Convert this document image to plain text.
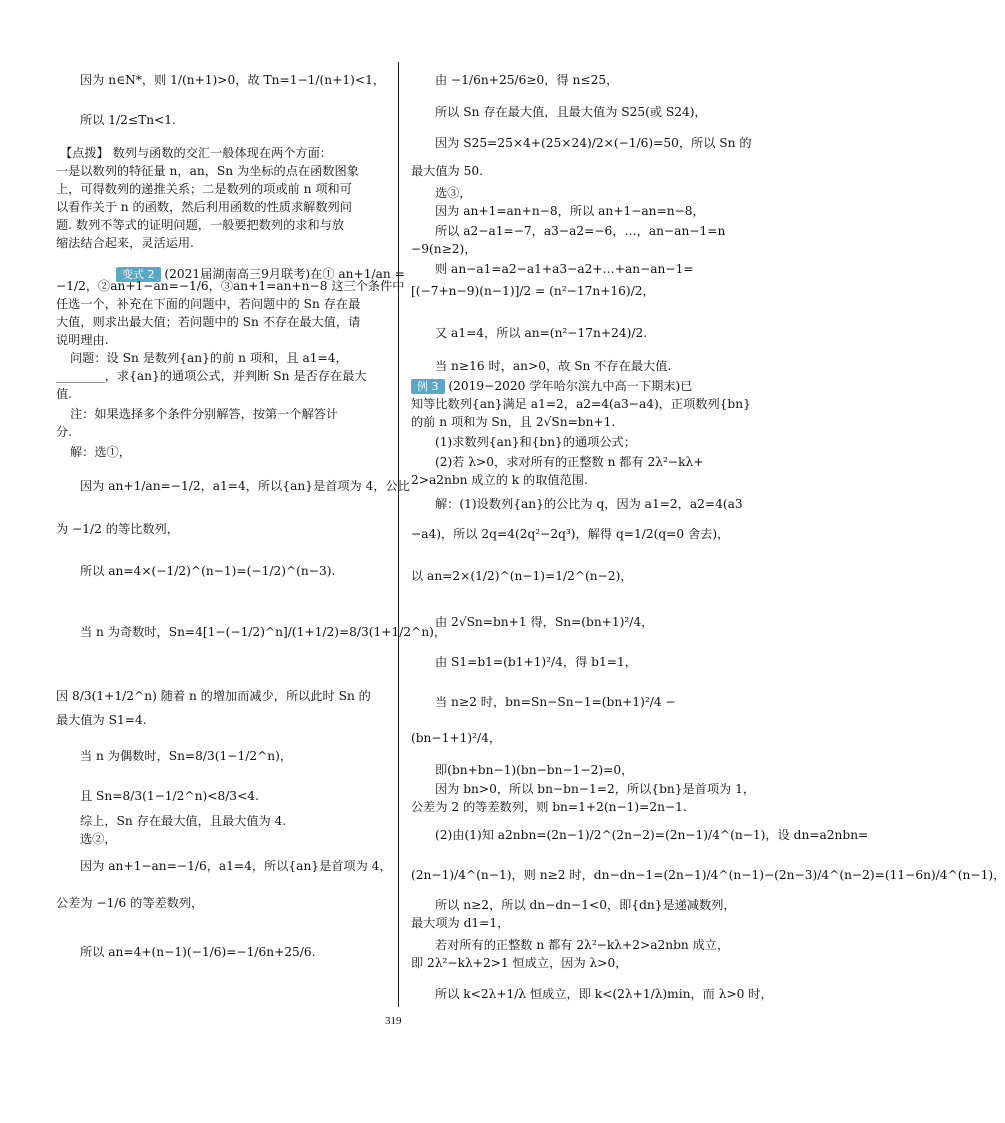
变式 2 (2021届湖南高三9月联考)在① an+1/an =
因为 n∈N*，则 1/(n+1)>0，故 Tn=1−1/(n+1)<1，
所以 1/2≤Tn<1.
【点拨】 数列与函数的交汇一般体现在两个方面：
一是以数列的特征量 n，an，Sn 为坐标的点在函数图象
上，可得数列的递推关系；二是数列的项或前 n 项和可
以看作关于 n 的函数，然后利用函数的性质求解数列问
题. 数列不等式的证明问题，一般要把数列的求和与放
缩法结合起来，灵活运用.
−1/2，②an+1−an=−1/6，③an+1=an+n−8 这三个条件中
任选一个，补充在下面的问题中，若问题中的 Sn 存在最
大值，则求出最大值；若问题中的 Sn 不存在最大值，请
说明理由.
问题：设 Sn 是数列{an}的前 n 项和，且 a1=4，
________，求{an}的通项公式，并判断 Sn 是否存在最大
值.
注：如果选择多个条件分别解答，按第一个解答计
分.
解：选①，
因为 an+1/an=−1/2，a1=4，所以{an}是首项为 4，公比
为 −1/2 的等比数列，
所以 an=4×(−1/2)^(n−1)=(−1/2)^(n−3).
当 n 为奇数时，Sn=4[1−(−1/2)^n]/(1+1/2)=8/3(1+1/2^n)，
因 8/3(1+1/2^n) 随着 n 的增加而减少，所以此时 Sn 的
最大值为 S1=4.
当 n 为偶数时，Sn=8/3(1−1/2^n)，
且 Sn=8/3(1−1/2^n)<8/3<4.
综上，Sn 存在最大值，且最大值为 4.
选②，
因为 an+1−an=−1/6，a1=4，所以{an}是首项为 4，
公差为 −1/6 的等差数列，
所以 an=4+(n−1)(−1/6)=−1/6n+25/6.
例 3 (2019−2020 学年哈尔滨九中高一下期末)已
由 −1/6n+25/6≥0，得 n≤25，
所以 Sn 存在最大值，且最大值为 S25(或 S24)，
因为 S25=25×4+(25×24)/2×(−1/6)=50，所以 Sn 的
最大值为 50.
选③，
因为 an+1=an+n−8，所以 an+1−an=n−8，
所以 a2−a1=−7，a3−a2=−6，…，an−an−1=n
−9(n≥2)，
则 an−a1=a2−a1+a3−a2+…+an−an−1=
[(−7+n−9)(n−1)]/2 = (n²−17n+16)/2，
又 a1=4，所以 an=(n²−17n+24)/2.
当 n≥16 时，an>0，故 Sn 不存在最大值.
知等比数列{an}满足 a1=2，a2=4(a3−a4)，正项数列{bn}
的前 n 项和为 Sn，且 2√Sn=bn+1.
(1)求数列{an}和{bn}的通项公式；
(2)若 λ>0，求对所有的正整数 n 都有 2λ²−kλ+
2>a2nbn 成立的 k 的取值范围.
解：(1)设数列{an}的公比为 q，因为 a1=2，a2=4(a3
−a4)，所以 2q=4(2q²−2q³)，解得 q=1/2(q=0 舍去)，
以 an=2×(1/2)^(n−1)=1/2^(n−2)，
由 2√Sn=bn+1 得，Sn=(bn+1)²/4，
由 S1=b1=(b1+1)²/4，得 b1=1，
当 n≥2 时，bn=Sn−Sn−1=(bn+1)²/4 −
(bn−1+1)²/4，
即(bn+bn−1)(bn−bn−1−2)=0，
因为 bn>0，所以 bn−bn−1=2，所以{bn}是首项为 1，
公差为 2 的等差数列，则 bn=1+2(n−1)=2n−1.
(2)由(1)知 a2nbn=(2n−1)/2^(2n−2)=(2n−1)/4^(n−1)，设 dn=a2nbn=
(2n−1)/4^(n−1)，则 n≥2 时，dn−dn−1=(2n−1)/4^(n−1)−(2n−3)/4^(n−2)=(11−6n)/4^(n−1)，
所以 n≥2，所以 dn−dn−1<0，即{dn}是递减数列，
最大项为 d1=1，
若对所有的正整数 n 都有 2λ²−kλ+2>a2nbn 成立，
即 2λ²−kλ+2>1 恒成立，因为 λ>0，
所以 k<2λ+1/λ 恒成立，即 k<(2λ+1/λ)min，而 λ>0 时，
319
